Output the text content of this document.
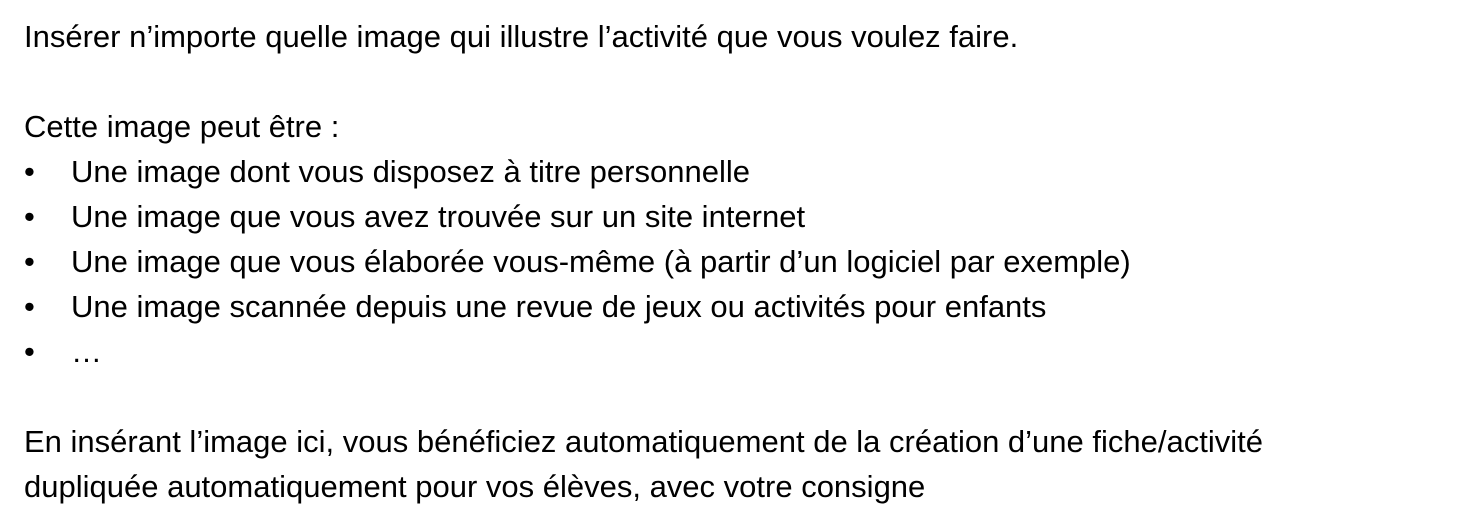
Insérer n’importe quelle image qui illustre l’activité que vous voulez faire.

Cette image peut être :

• Une image dont vous disposez à titre personnelle
• Une image que vous avez trouvée sur un site internet
• Une image que vous élaborée vous-même (à partir d’un logiciel par exemple)
• Une image scannée depuis une revue de jeux ou activités pour enfants
• …

En insérant l’image ici, vous bénéficiez automatiquement de la création d’une fiche/activité

dupliquée automatiquement pour vos élèves, avec votre consigne
